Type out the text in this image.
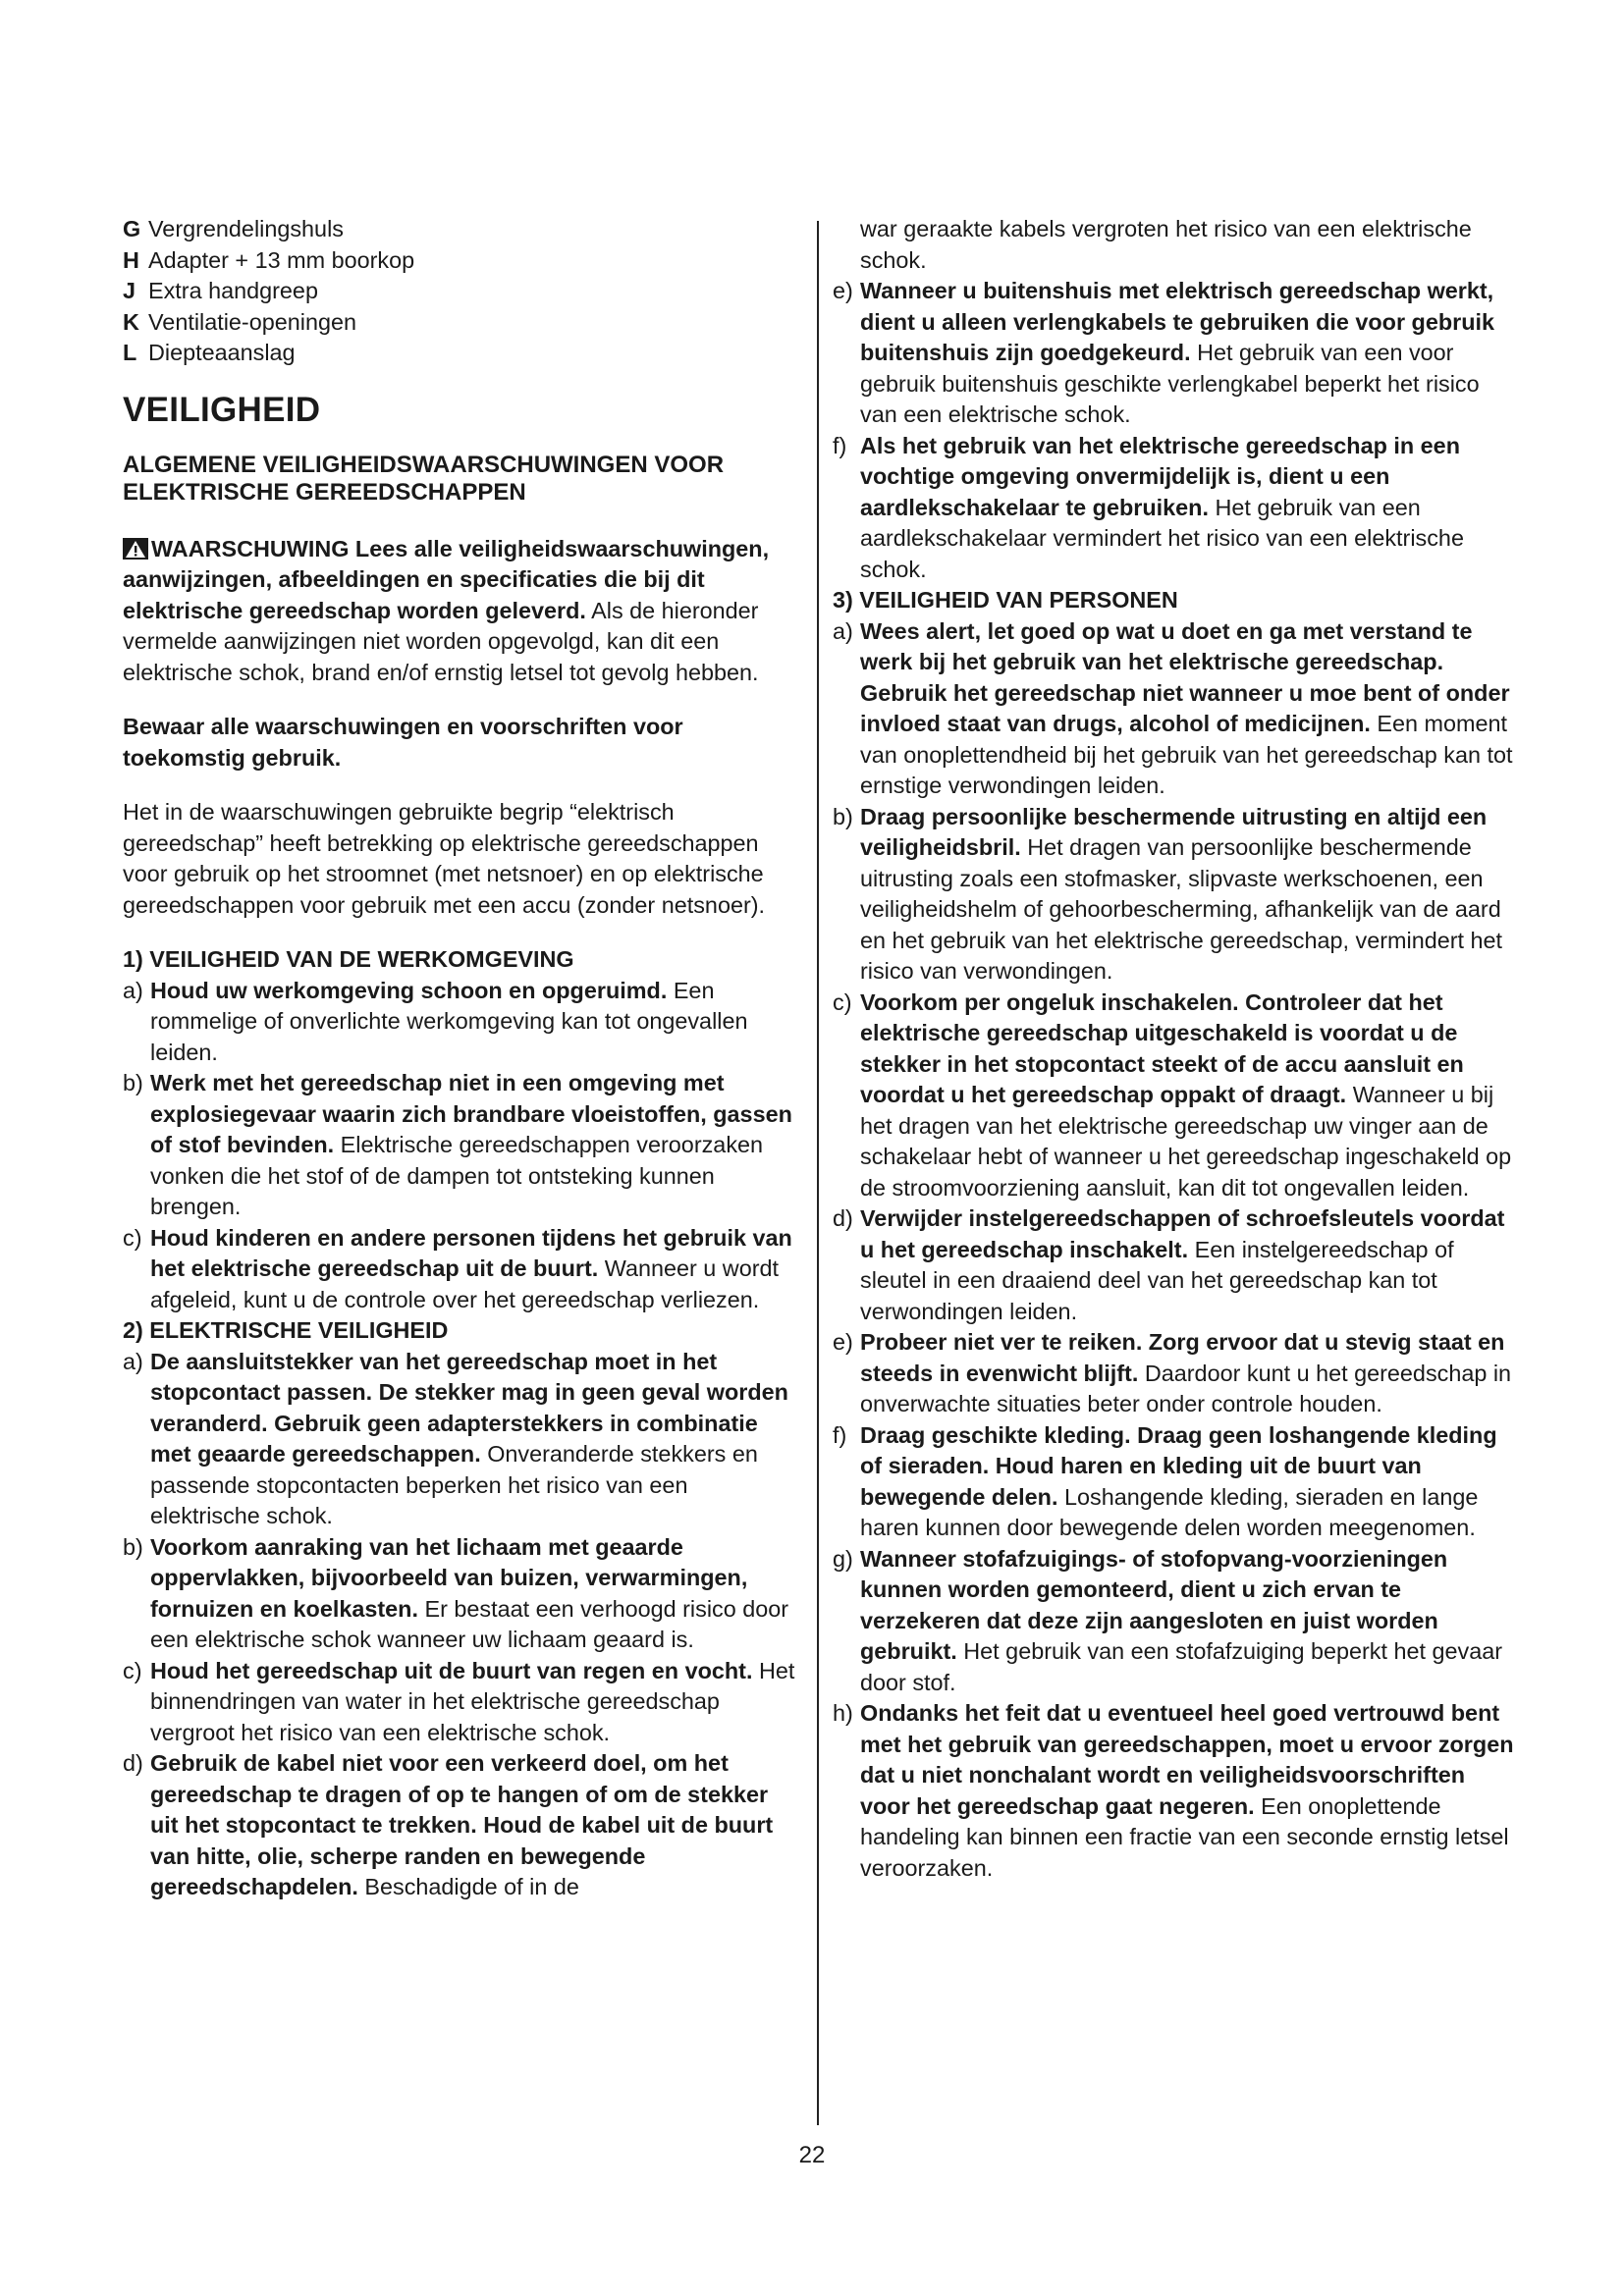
G Vergrendelingshuls
H Adapter + 13 mm boorkop
J Extra handgreep
K Ventilatie-openingen
L Diepteaanslag
VEILIGHEID
ALGEMENE VEILIGHEIDSWAARSCHUWINGEN VOOR ELEKTRISCHE GEREEDSCHAPPEN

WAARSCHUWING Lees alle veiligheidswaarschuwingen, aanwijzingen, afbeeldingen en specificaties die bij dit elektrische gereedschap worden geleverd. Als de hieronder vermelde aanwijzingen niet worden opgevolgd, kan dit een elektrische schok, brand en/of ernstig letsel tot gevolg hebben.

Bewaar alle waarschuwingen en voorschriften voor toekomstig gebruik.

Het in de waarschuwingen gebruikte begrip “elektrisch gereedschap” heeft betrekking op elektrische gereedschappen voor gebruik op het stroomnet (met netsnoer) en op elektrische gereedschappen voor gebruik met een accu (zonder netsnoer).

1) VEILIGHEID VAN DE WERKOMGEVING
a) Houd uw werkomgeving schoon en opgeruimd. Een rommelige of onverlichte werkomgeving kan tot ongevallen leiden.
b) Werk met het gereedschap niet in een omgeving met explosiegevaar waarin zich brandbare vloeistoffen, gassen of stof bevinden. Elektrische gereedschappen veroorzaken vonken die het stof of de dampen tot ontsteking kunnen brengen.
c) Houd kinderen en andere personen tijdens het gebruik van het elektrische gereedschap uit de buurt. Wanneer u wordt afgeleid, kunt u de controle over het gereedschap verliezen.
2) ELEKTRISCHE VEILIGHEID
a) De aansluitstekker van het gereedschap moet in het stopcontact passen. De stekker mag in geen geval worden veranderd. Gebruik geen adapterstekkers in combinatie met geaarde gereedschappen. Onveranderde stekkers en passende stopcontacten beperken het risico van een elektrische schok.
b) Voorkom aanraking van het lichaam met geaarde oppervlakken, bijvoorbeeld van buizen, verwarmingen, fornuizen en koelkasten. Er bestaat een verhoogd risico door een elektrische schok wanneer uw lichaam geaard is.
c) Houd het gereedschap uit de buurt van regen en vocht. Het binnendringen van water in het elektrische gereedschap vergroot het risico van een elektrische schok.
d) Gebruik de kabel niet voor een verkeerd doel, om het gereedschap te dragen of op te hangen of om de stekker uit het stopcontact te trekken. Houd de kabel uit de buurt van hitte, olie, scherpe randen en bewegende gereedschapdelen. Beschadigde of in de
war geraakte kabels vergroten het risico van een elektrische schok.
e) Wanneer u buitenshuis met elektrisch gereedschap werkt, dient u alleen verlengkabels te gebruiken die voor gebruik buitenshuis zijn goedgekeurd. Het gebruik van een voor gebruik buitenshuis geschikte verlengkabel beperkt het risico van een elektrische schok.
f) Als het gebruik van het elektrische gereedschap in een vochtige omgeving onvermijdelijk is, dient u een aardlekschakelaar te gebruiken. Het gebruik van een aardlekschakelaar vermindert het risico van een elektrische schok.
3) VEILIGHEID VAN PERSONEN
a) Wees alert, let goed op wat u doet en ga met verstand te werk bij het gebruik van het elektrische gereedschap. Gebruik het gereedschap niet wanneer u moe bent of onder invloed staat van drugs, alcohol of medicijnen. Een moment van onoplettendheid bij het gebruik van het gereedschap kan tot ernstige verwondingen leiden.
b) Draag persoonlijke beschermende uitrusting en altijd een veiligheidsbril. Het dragen van persoonlijke beschermende uitrusting zoals een stofmasker, slipvaste werkschoenen, een veiligheidshelm of gehoorbescherming, afhankelijk van de aard en het gebruik van het elektrische gereedschap, vermindert het risico van verwondingen.
c) Voorkom per ongeluk inschakelen. Controleer dat het elektrische gereedschap uitgeschakeld is voordat u de stekker in het stopcontact steekt of de accu aansluit en voordat u het gereedschap oppakt of draagt. Wanneer u bij het dragen van het elektrische gereedschap uw vinger aan de schakelaar hebt of wanneer u het gereedschap ingeschakeld op de stroomvoorziening aansluit, kan dit tot ongevallen leiden.
d) Verwijder instelgereedschappen of schroefsleutels voordat u het gereedschap inschakelt. Een instelgereedschap of sleutel in een draaiend deel van het gereedschap kan tot verwondingen leiden.
e) Probeer niet ver te reiken. Zorg ervoor dat u stevig staat en steeds in evenwicht blijft. Daardoor kunt u het gereedschap in onverwachte situaties beter onder controle houden.
f) Draag geschikte kleding. Draag geen loshangende kleding of sieraden. Houd haren en kleding uit de buurt van bewegende delen. Loshangende kleding, sieraden en lange haren kunnen door bewegende delen worden meegenomen.
g) Wanneer stofafzuigings- of stofopvang-voorzieningen kunnen worden gemonteerd, dient u zich ervan te verzekeren dat deze zijn aangesloten en juist worden gebruikt. Het gebruik van een stofafzuiging beperkt het gevaar door stof.
h) Ondanks het feit dat u eventueel heel goed vertrouwd bent met het gebruik van gereedschappen, moet u ervoor zorgen dat u niet nonchalant wordt en veiligheidsvoorschriften voor het gereedschap gaat negeren. Een onoplettende handeling kan binnen een fractie van een seconde ernstig letsel veroorzaken.
22
